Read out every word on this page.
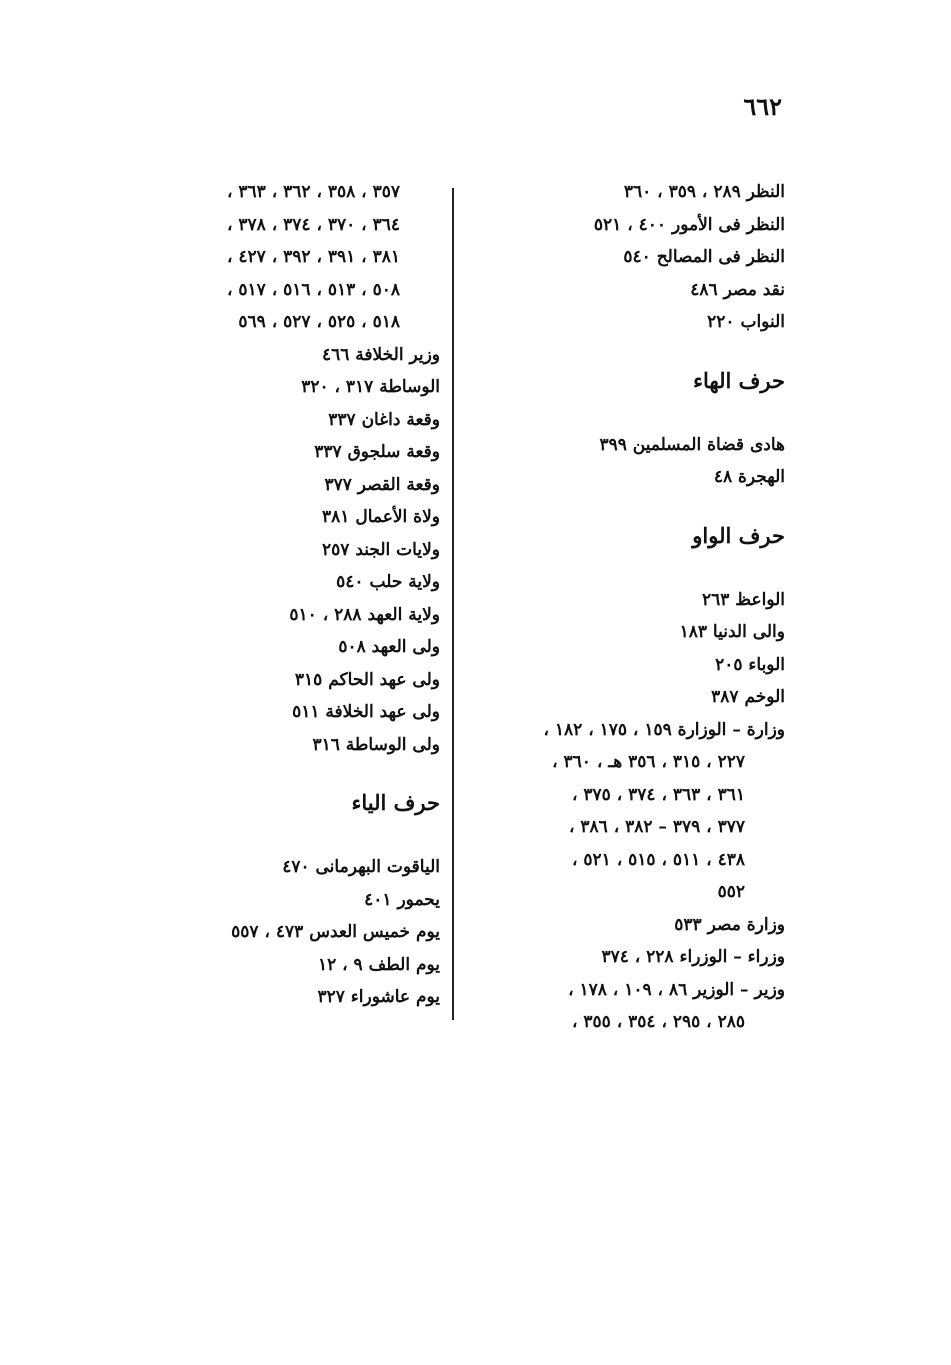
٦٦٢
النظر ٢٨٩ ، ٣٥٩ ، ٣٦٠
النظر فى الأمور ٤٠٠ ، ٥٢١
النظر فى المصالح ٥٤٠
نقد مصر ٤٨٦
النواب ٢٢٠
حرف الهاء
هادى قضاة المسلمين ٣٩٩
الهجرة ٤٨
حرف الواو
الواعظ ٢٦٣
والى الدنيا ١٨٣
الوباء ٢٠٥
الوخم ٣٨٧
وزارة – الوزارة ١٥٩ ، ١٧٥ ، ١٨٢ ،
٢٢٧ ، ٣١٥ ، ٣٥٦ هـ ، ٣٦٠ ،
٣٦١ ، ٣٦٣ ، ٣٧٤ ، ٣٧٥ ،
٣٧٧ ، ٣٧٩ – ٣٨٢ ، ٣٨٦ ،
٤٣٨ ، ٥١١ ، ٥١٥ ، ٥٢١ ،
٥٥٢
وزارة مصر ٥٣٣
وزراء – الوزراء ٢٢٨ ، ٣٧٤
وزير – الوزير ٨٦ ، ١٠٩ ، ١٧٨ ،
٢٨٥ ، ٢٩٥ ، ٣٥٤ ، ٣٥٥ ،
٣٥٧ ، ٣٥٨ ، ٣٦٢ ، ٣٦٣ ،
٣٦٤ ، ٣٧٠ ، ٣٧٤ ، ٣٧٨ ،
٣٨١ ، ٣٩١ ، ٣٩٢ ، ٤٢٧ ،
٥٠٨ ، ٥١٣ ، ٥١٦ ، ٥١٧ ،
٥١٨ ، ٥٢٥ ، ٥٢٧ ، ٥٦٩
وزير الخلافة ٤٦٦
الوساطة ٣١٧ ، ٣٢٠
وقعة داغان ٣٣٧
وقعة سلجوق ٣٣٧
وقعة القصر ٣٧٧
ولاة الأعمال ٣٨١
ولايات الجند ٢٥٧
ولاية حلب ٥٤٠
ولاية العهد ٢٨٨ ، ٥١٠
ولى العهد ٥٠٨
ولى عهد الحاكم ٣١٥
ولى عهد الخلافة ٥١١
ولى الوساطة ٣١٦
حرف الياء
الياقوت البهرمانى ٤٧٠
يحمور ٤٠١
يوم خميس العدس ٤٧٣ ، ٥٥٧
يوم الطف ٩ ، ١٢
يوم عاشوراء ٣٢٧
